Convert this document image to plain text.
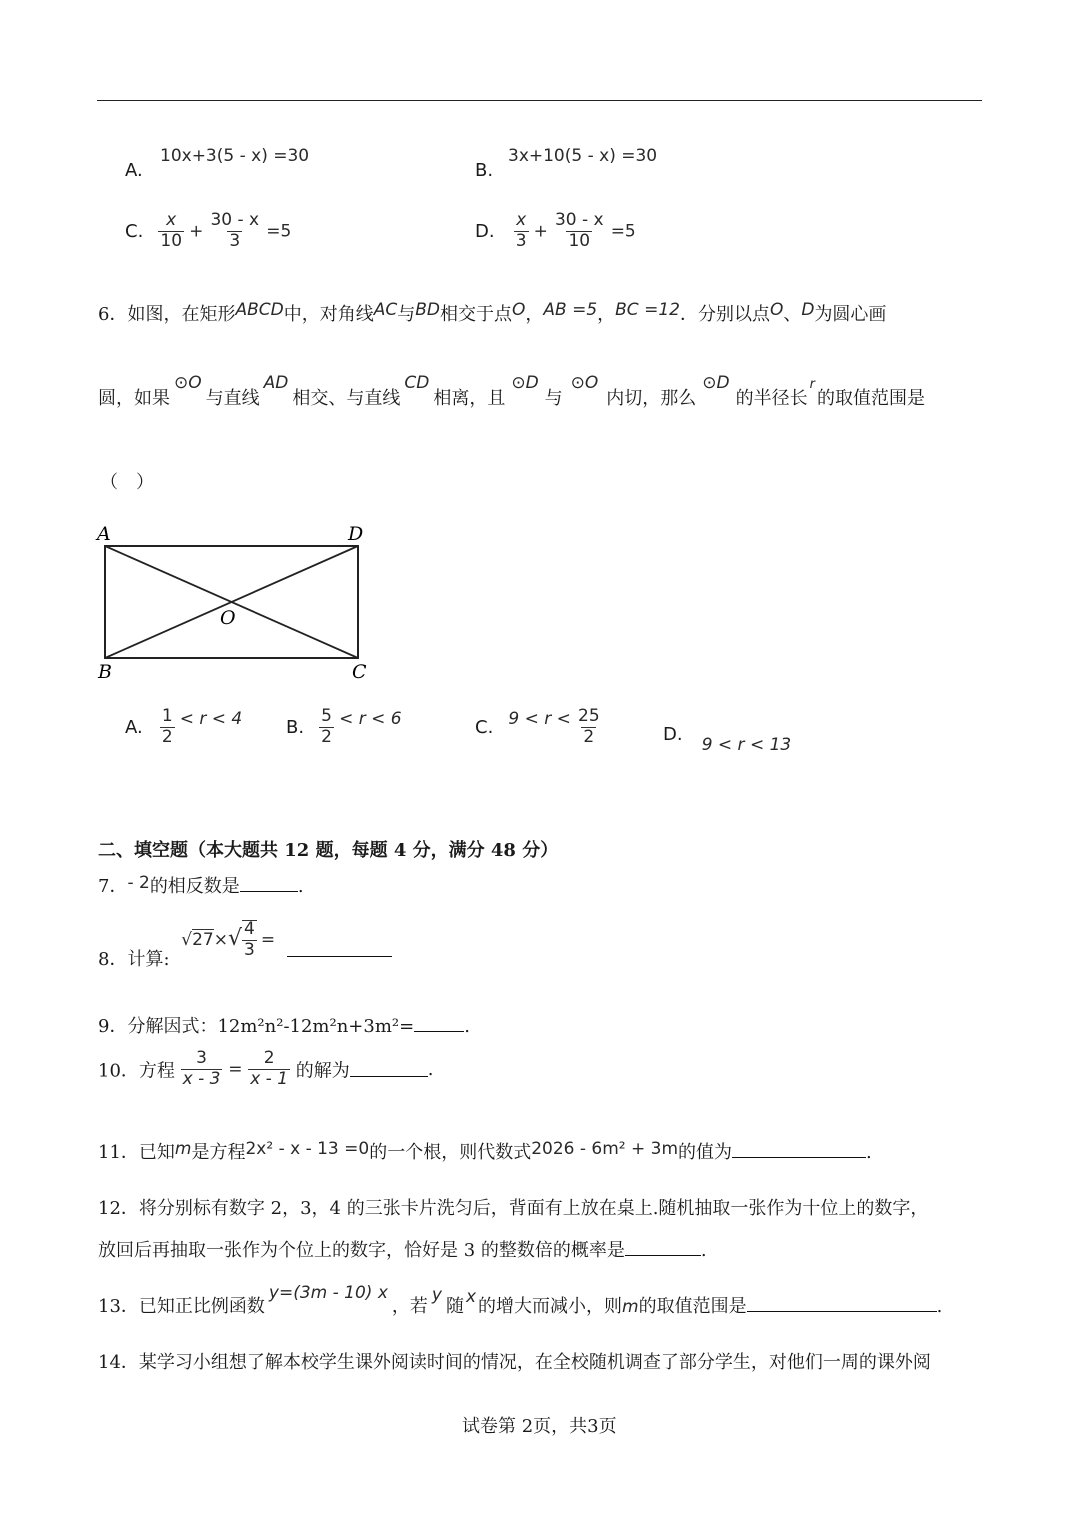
A.
10x+3(5 - x) =30
B.
3x+10(5 - x) =30
C. $\frac{x}{10} + \frac{30 - x}{3} =5$	D. $\frac{x}{3} + \frac{30 - x}{10} =5$
6．如图，在矩形ABCD中，对角线AC与BD相交于点O，AB =5，BC =12．分别以点O、D为圆心画
圆，如果⊙O与直线AD相交、与直线CD相离，且⊙D与⊙O内切，那么⊙D的半径长$^r$的取值范围是
（　）
A	D
B	C
O
A. $\frac{1}{2} < r < 4$ B. $\frac{5}{2} < r < 6$	C. $9 < r < \frac{25}{2}$	D. 9 < r < 13
二、填空题（本大题共 12 题，每题 4 分，满分 48 分）
7．- 2的相反数是	.
8．计算: $√27\times√ \frac{4}{3}$ =
9．分解因式：12m²n²-12m²n+3m²=	.
10．方程 $\frac{3}{x - 3} = \frac{2}{x - 1}$ 的解为	.
11．已知m是方程2x² - x - 13 =0的一个根，则代数式2026 - 6m² + 3m的值为	.
12．将分别标有数字 2，3，4 的三张卡片洗匀后，背面有上放在桌上.随机抽取一张作为十位上的数字，
放回后再抽取一张作为个位上的数字，恰好是 3 的整数倍的概率是	.
13．已知正比例函数y=(3m - 10) x，若y随 x 的增大而减小，则m的取值范围是	.
14．某学习小组想了解本校学生课外阅读时间的情况，在全校随机调查了部分学生，对他们一周的课外阅
试卷第 2页，共3页
